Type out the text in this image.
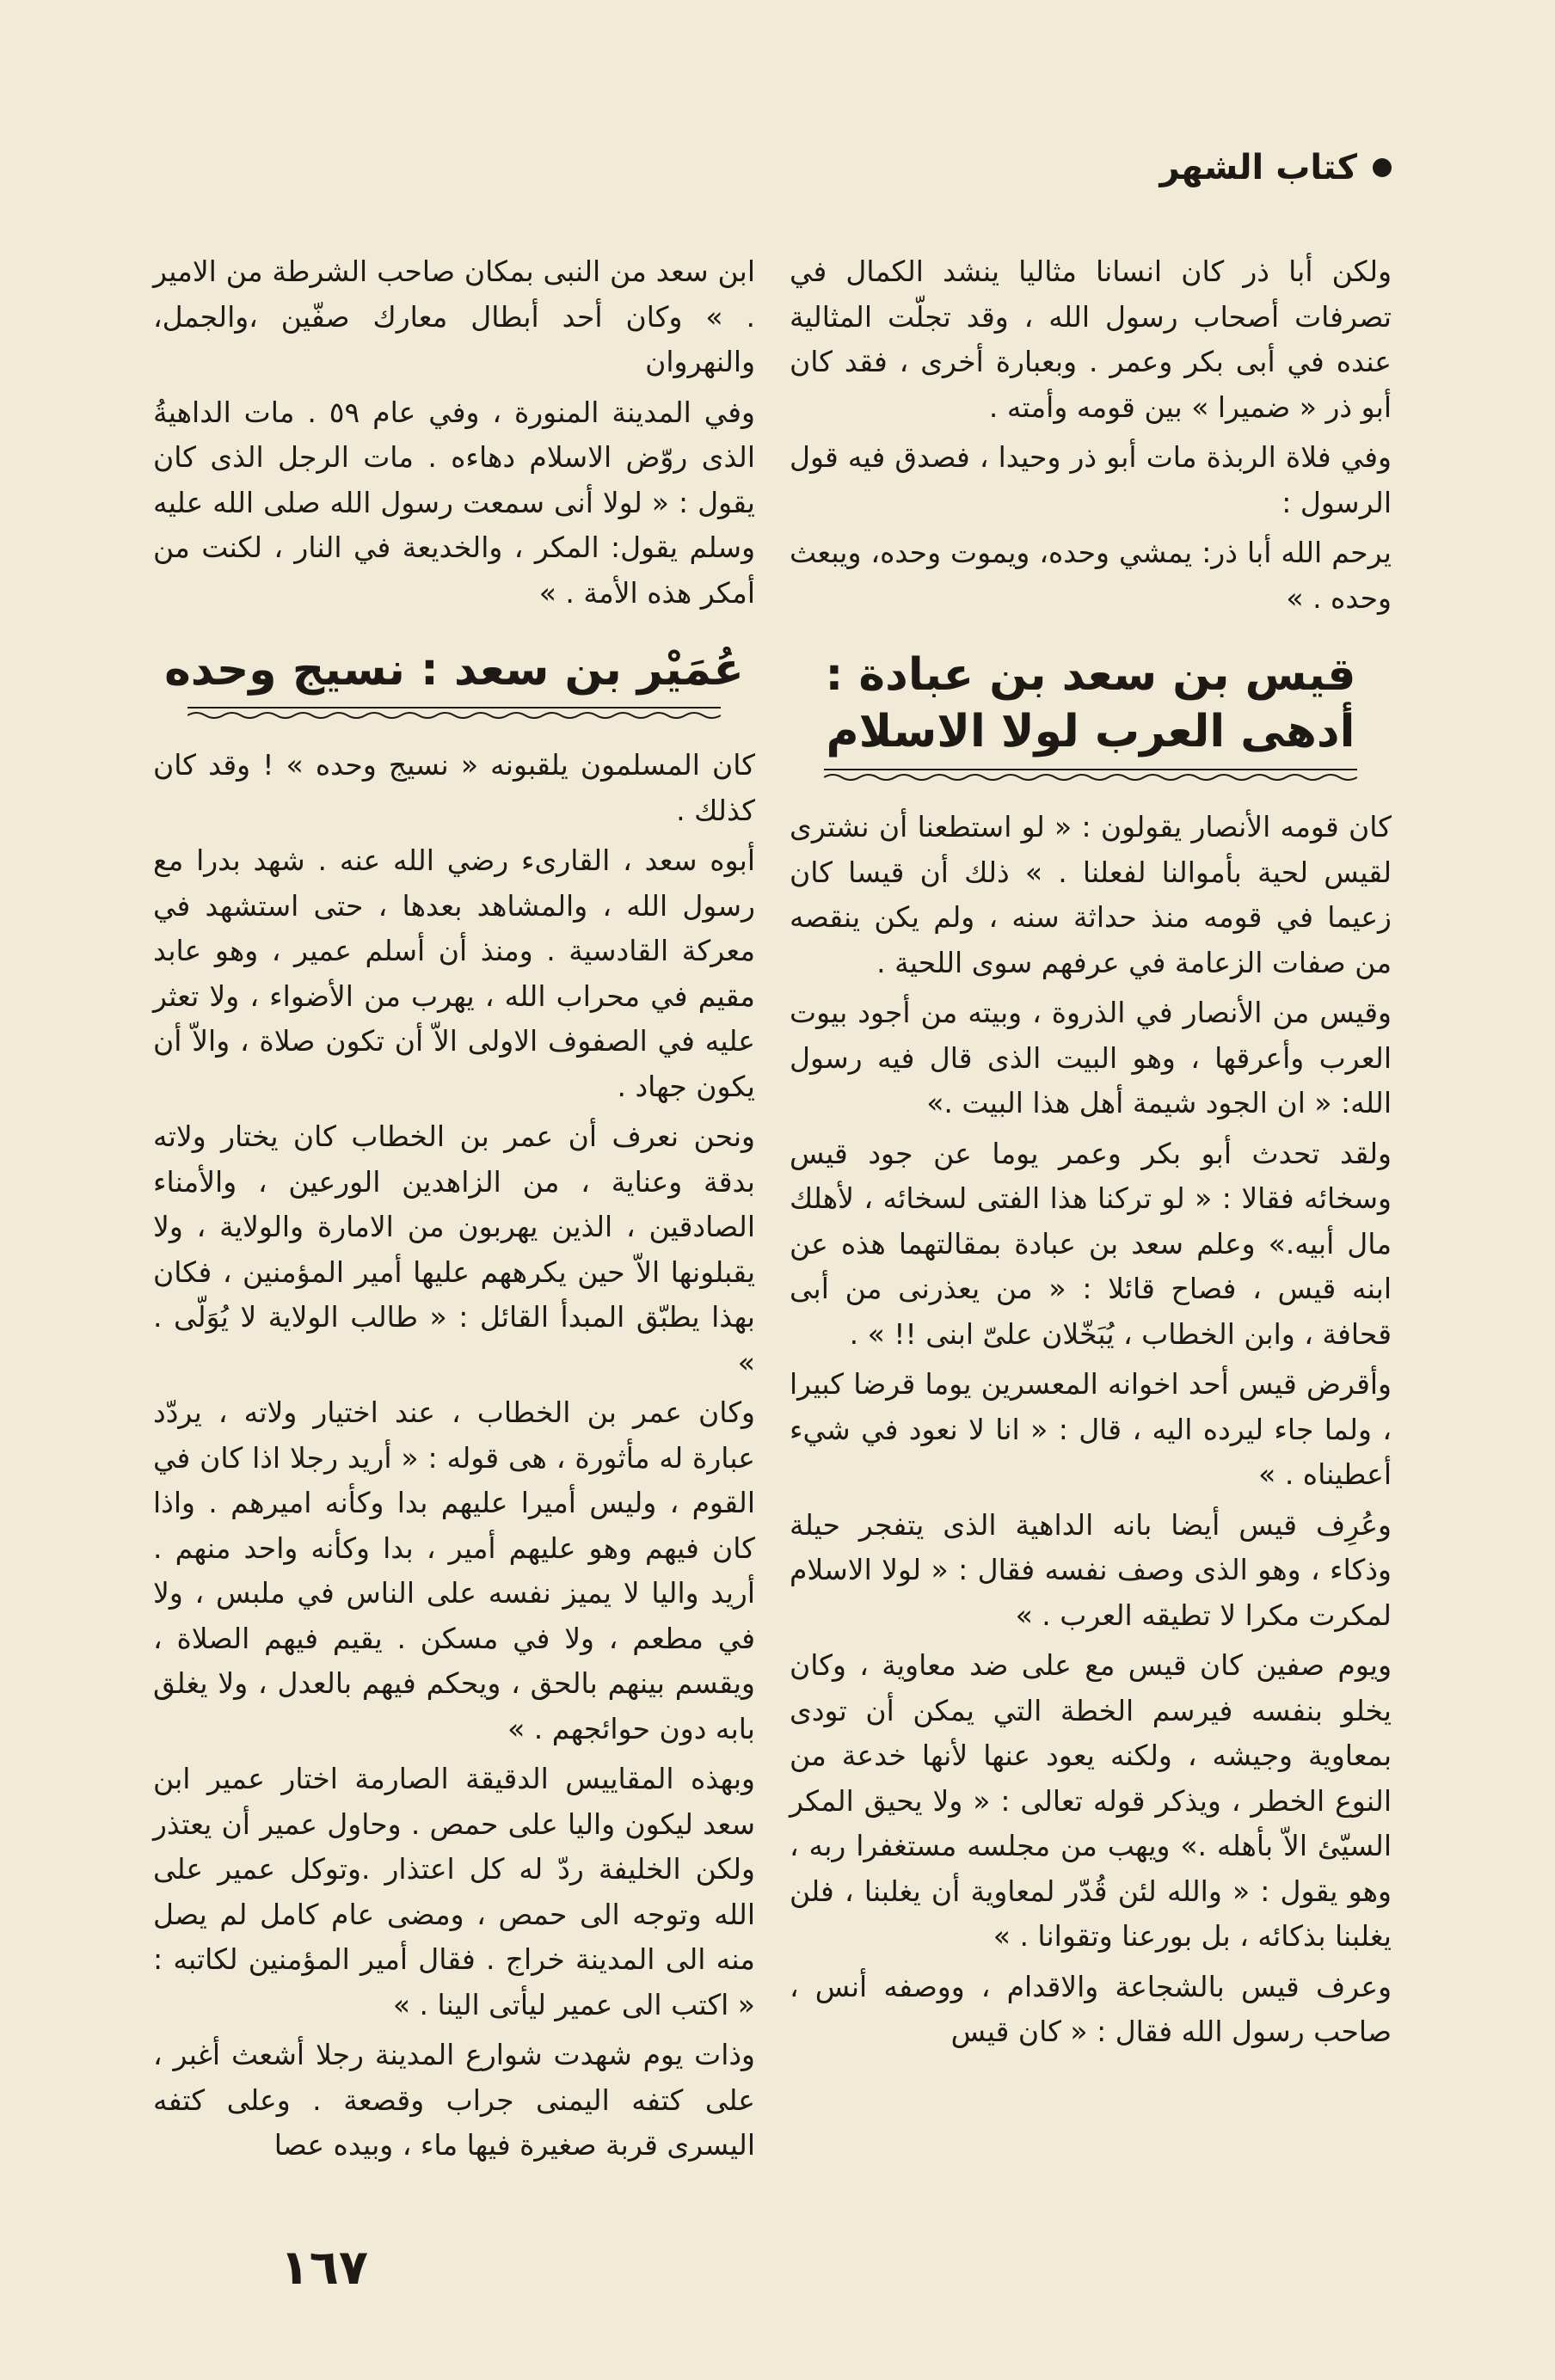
كتاب الشهر

ولكن أبا ذر كان انسانا مثاليا ينشد الكمال في تصرفات أصحاب رسول الله ، وقد تجلّت المثالية عنده في أبى بكر وعمر . وبعبارة أخرى ، فقد كان أبو ذر « ضميرا » بين قومه وأمته .

وفي فلاة الربذة مات أبو ذر وحيدا ، فصدق فيه قول الرسول :

يرحم الله أبا ذر: يمشي وحده، ويموت وحده، ويبعث وحده . »

قيس بن سعد بن عبادة :
أدهى العرب لولا الاسلام

كان قومه الأنصار يقولون : « لو استطعنا أن نشترى لقيس لحية بأموالنا لفعلنا . » ذلك أن قيسا كان زعيما في قومه منذ حداثة سنه ، ولم يكن ينقصه من صفات الزعامة في عرفهم سوى اللحية .

وقيس من الأنصار في الذروة ، وبيته من أجود بيوت العرب وأعرقها ، وهو البيت الذى قال فيه رسول الله: « ان الجود شيمة أهل هذا البيت .»

ولقد تحدث أبو بكر وعمر يوما عن جود قيس وسخائه فقالا : « لو تركنا هذا الفتى لسخائه ، لأهلك مال أبيه.» وعلم سعد بن عبادة بمقالتهما هذه عن ابنه قيس ، فصاح قائلا : « من يعذرنى من أبى قحافة ، وابن الخطاب ، يُبَخّلان علىّ ابنى !! » .

وأقرض قيس أحد اخوانه المعسرين يوما قرضا كبيرا ، ولما جاء ليرده اليه ، قال : « انا لا نعود في شيء أعطيناه . »

وعُرِف قيس أيضا بانه الداهية الذى يتفجر حيلة وذكاء ، وهو الذى وصف نفسه فقال : « لولا الاسلام لمكرت مكرا لا تطيقه العرب . »

ويوم صفين كان قيس مع على ضد معاوية ، وكان يخلو بنفسه فيرسم الخطة التي يمكن أن تودى بمعاوية وجيشه ، ولكنه يعود عنها لأنها خدعة من النوع الخطر ، ويذكر قوله تعالى : « ولا يحيق المكر السيّئ الاّ بأهله .» ويهب من مجلسه مستغفرا ربه ، وهو يقول : « والله لئن قُدّر لمعاوية أن يغلبنا ، فلن يغلبنا بذكائه ، بل بورعنا وتقوانا . »

وعرف قيس بالشجاعة والاقدام ، ووصفه أنس ، صاحب رسول الله فقال : « كان قيس

ابن سعد من النبى بمكان صاحب الشرطة من الامير . » وكان أحد أبطال معارك صفّين ،والجمل، والنهروان

وفي المدينة المنورة ، وفي عام ٥٩ . مات الداهيةُ الذى روّض الاسلام دهاءه . مات الرجل الذى كان يقول : « لولا أنى سمعت رسول الله صلى الله عليه وسلم يقول: المكر ، والخديعة في النار ، لكنت من أمكر هذه الأمة . »

عُمَيْر بن سعد : نسيج وحده

كان المسلمون يلقبونه « نسيج وحده » ! وقد كان كذلك .

أبوه سعد ، القارىء رضي الله عنه . شهد بدرا مع رسول الله ، والمشاهد بعدها ، حتى استشهد في معركة القادسية . ومنذ أن أسلم عمير ، وهو عابد مقيم في محراب الله ، يهرب من الأضواء ، ولا تعثر عليه في الصفوف الاولى الاّ أن تكون صلاة ، والاّ أن يكون جهاد .

ونحن نعرف أن عمر بن الخطاب كان يختار ولاته بدقة وعناية ، من الزاهدين الورعين ، والأمناء الصادقين ، الذين يهربون من الامارة والولاية ، ولا يقبلونها الاّ حين يكرههم عليها أمير المؤمنين ، فكان بهذا يطبّق المبدأ القائل : « طالب الولاية لا يُوَلّى . »

وكان عمر بن الخطاب ، عند اختيار ولاته ، يردّد عبارة له مأثورة ، هى قوله : « أريد رجلا اذا كان في القوم ، وليس أميرا عليهم بدا وكأنه اميرهم . واذا كان فيهم وهو عليهم أمير ، بدا وكأنه واحد منهم . أريد واليا لا يميز نفسه على الناس في ملبس ، ولا في مطعم ، ولا في مسكن . يقيم فيهم الصلاة ، ويقسم بينهم بالحق ، ويحكم فيهم بالعدل ، ولا يغلق بابه دون حوائجهم . »

وبهذه المقاييس الدقيقة الصارمة اختار عمير ابن سعد ليكون واليا على حمص . وحاول عمير أن يعتذر ولكن الخليفة ردّ له كل اعتذار .وتوكل عمير على الله وتوجه الى حمص ، ومضى عام كامل لم يصل منه الى المدينة خراج . فقال أمير المؤمنين لكاتبه : « اكتب الى عمير ليأتى الينا . »

وذات يوم شهدت شوارع المدينة رجلا أشعث أغبر ، على كتفه اليمنى جراب وقصعة . وعلى كتفه اليسرى قربة صغيرة فيها ماء ، وبيده عصا

١٦٧
